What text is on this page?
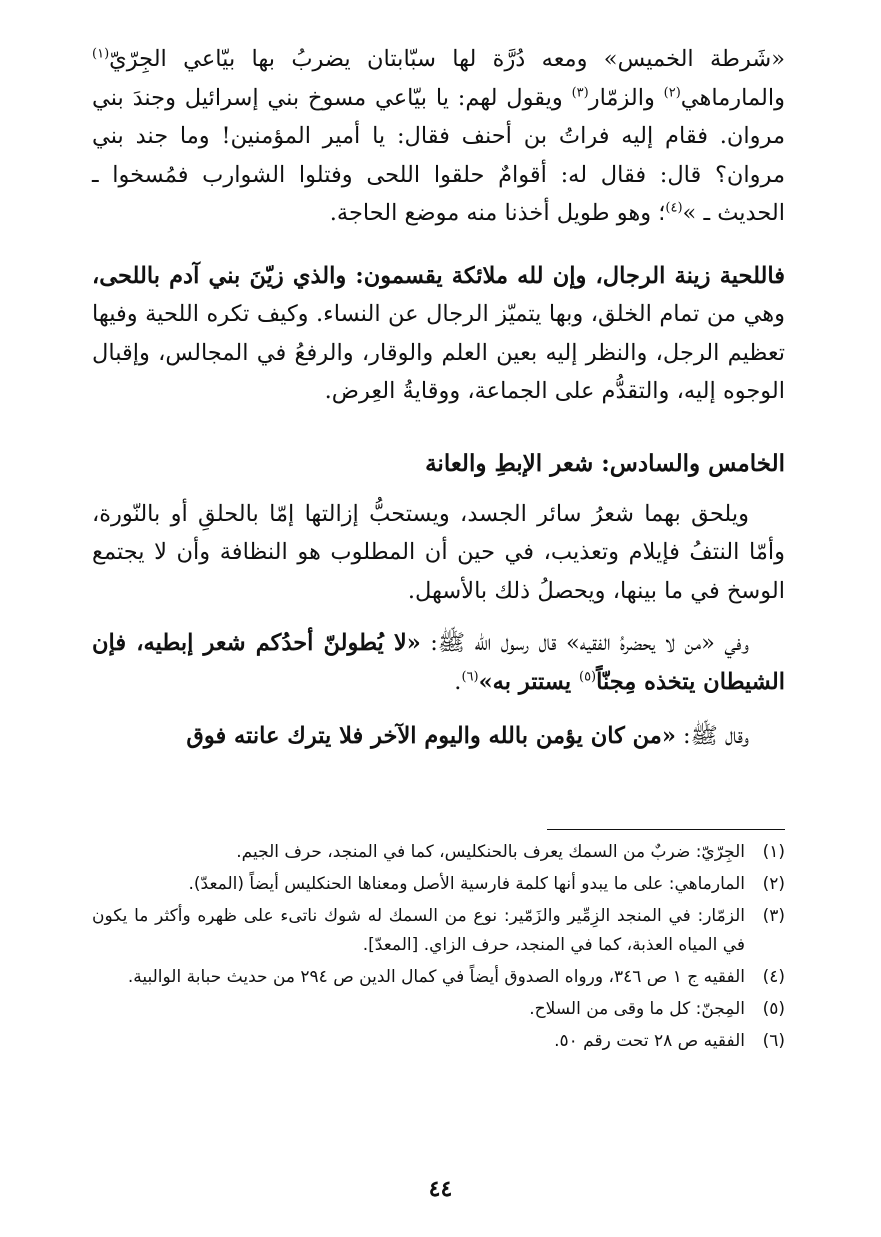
«شَرطة الخميس» ومعه دُرَّة لها سبّابتان يضربُ بها بيّاعي الجِرّيّ$^{(١)}$ والمارماهي$^{(٢)}$ والزمّار$^{(٣)}$ ويقول لهم: يا بيّاعي مسوخ بني إسرائيل وجندَ بني مروان. فقام إليه فراتُ بن أحنف فقال: يا أمير المؤمنين! وما جند بني مروان؟ قال: فقال له: أقوامٌ حلقوا اللحى وفتلوا الشوارب فمُسخوا ـ الحديث ـ »$^{(٤)}$؛ وهو طويل أخذنا منه موضع الحاجة.

فاللحية زينة الرجال، وإن لله ملائكة يقسمون: والذي زيّنَ بني آدم باللحى، وهي من تمام الخلق، وبها يتميّز الرجال عن النساء. وكيف تكره اللحية وفيها تعظيم الرجل، والنظر إليه بعين العلم والوقار، والرفعُ في المجالس، وإقبال الوجوه إليه، والتقدُّم على الجماعة، ووقايةُ العِرض.

الخامس والسادس: شعر الإبطِ والعانة

ويلحق بهما شعرُ سائر الجسد، ويستحبُّ إزالتها إمّا بالحلقِ أو بالنّورة، وأمّا النتفُ فإيلام وتعذيب، في حين أن المطلوب هو النظافة وأن لا يجتمع الوسخ في ما بينها، ويحصلُ ذلك بالأسهل.

وفي «من لا يحضرهُ الفقيه» قال رسول الله ﷺ: «لا يُطولنّ أحدُكم شعر إبطيه، فإن الشيطان يتخذه مِجنّاً$^{(٥)}$ يستتر به»$^{(٦)}$.

وقال ﷺ: «من كان يؤمن بالله واليوم الآخر فلا يترك عانته فوق

(١)
الجِرّيّ: ضربٌ من السمك يعرف بالحنكليس، كما في المنجد، حرف الجيم.
(٢)
المارماهي: على ما يبدو أنها كلمة فارسية الأصل ومعناها الحنكليس أيضاً (المعدّ).
(٣)
الزمّار: في المنجد الزِمِّير والزَمّير: نوع من السمك له شوك ناتىء على ظهره وأكثر ما يكون في المياه العذبة، كما في المنجد، حرف الزاي. [المعدّ].
(٤)
الفقيه ج ١ ص ٣٤٦، ورواه الصدوق أيضاً في كمال الدين ص ٢٩٤ من حديث حبابة الوالبية.
(٥)
المِجنّ: كل ما وقى من السلاح.
(٦)
الفقيه ص ٢٨ تحت رقم ٥٠.
٤٤
